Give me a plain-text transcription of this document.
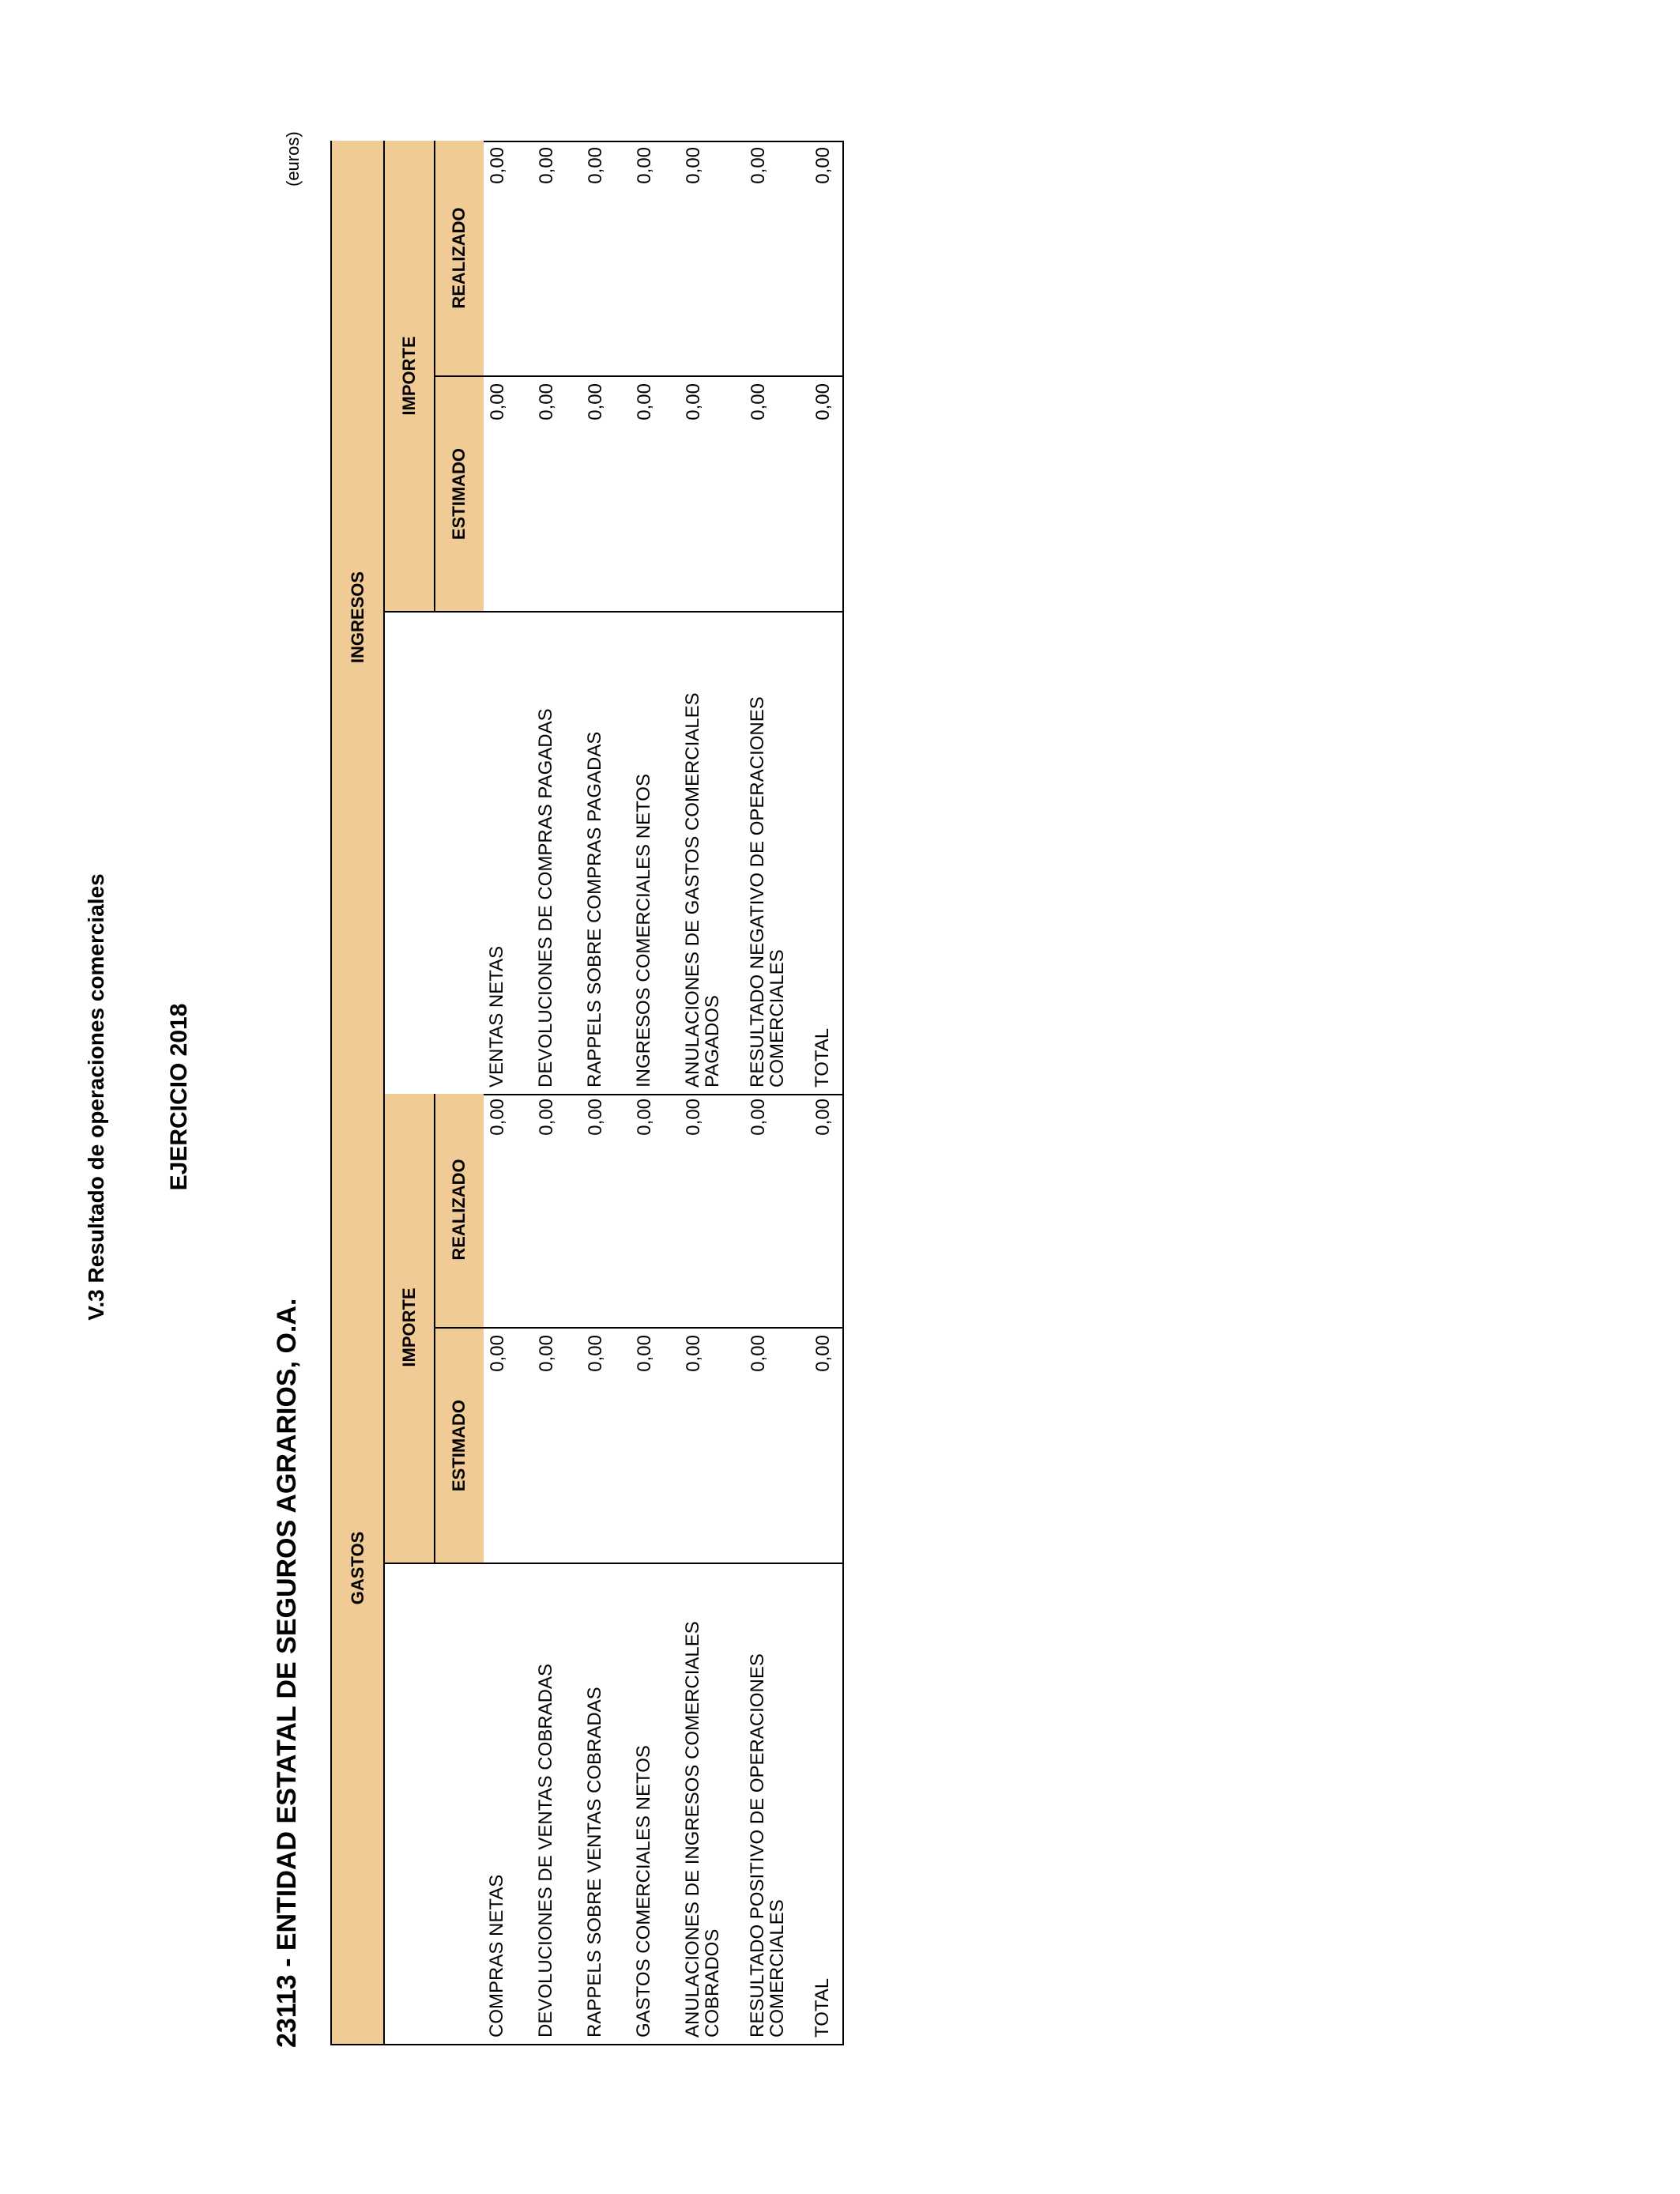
V.3 Resultado de operaciones comerciales EJERCICIO 2018
23113 - ENTIDAD ESTATAL DE SEGUROS AGRARIOS, O.A.
(euros)
GASTOS		
	IMPORTE	
	ESTIMADO	REALIZADO
COMPRAS NETAS	0,00	0,00
DEVOLUCIONES DE VENTAS COBRADAS	0,00	0,00
RAPPELS SOBRE VENTAS COBRADAS	0,00	0,00
GASTOS COMERCIALES NETOS	0,00	0,00
ANULACIONES DE INGRESOS COMERCIALES COBRADOS	0,00	0,00
RESULTADO POSITIVO DE OPERACIONES COMERCIALES	0,00	0,00
TOTAL	0,00	0,00
INGRESOS		
	IMPORTE	
	ESTIMADO	REALIZADO
VENTAS NETAS	0,00	0,00
DEVOLUCIONES DE COMPRAS PAGADAS	0,00	0,00
RAPPELS SOBRE COMPRAS PAGADAS	0,00	0,00
INGRESOS COMERCIALES NETOS	0,00	0,00
ANULACIONES DE GASTOS COMERCIALES PAGADOS	0,00	0,00
RESULTADO NEGATIVO DE OPERACIONES COMERCIALES	0,00	0,00
TOTAL	0,00	0,00
